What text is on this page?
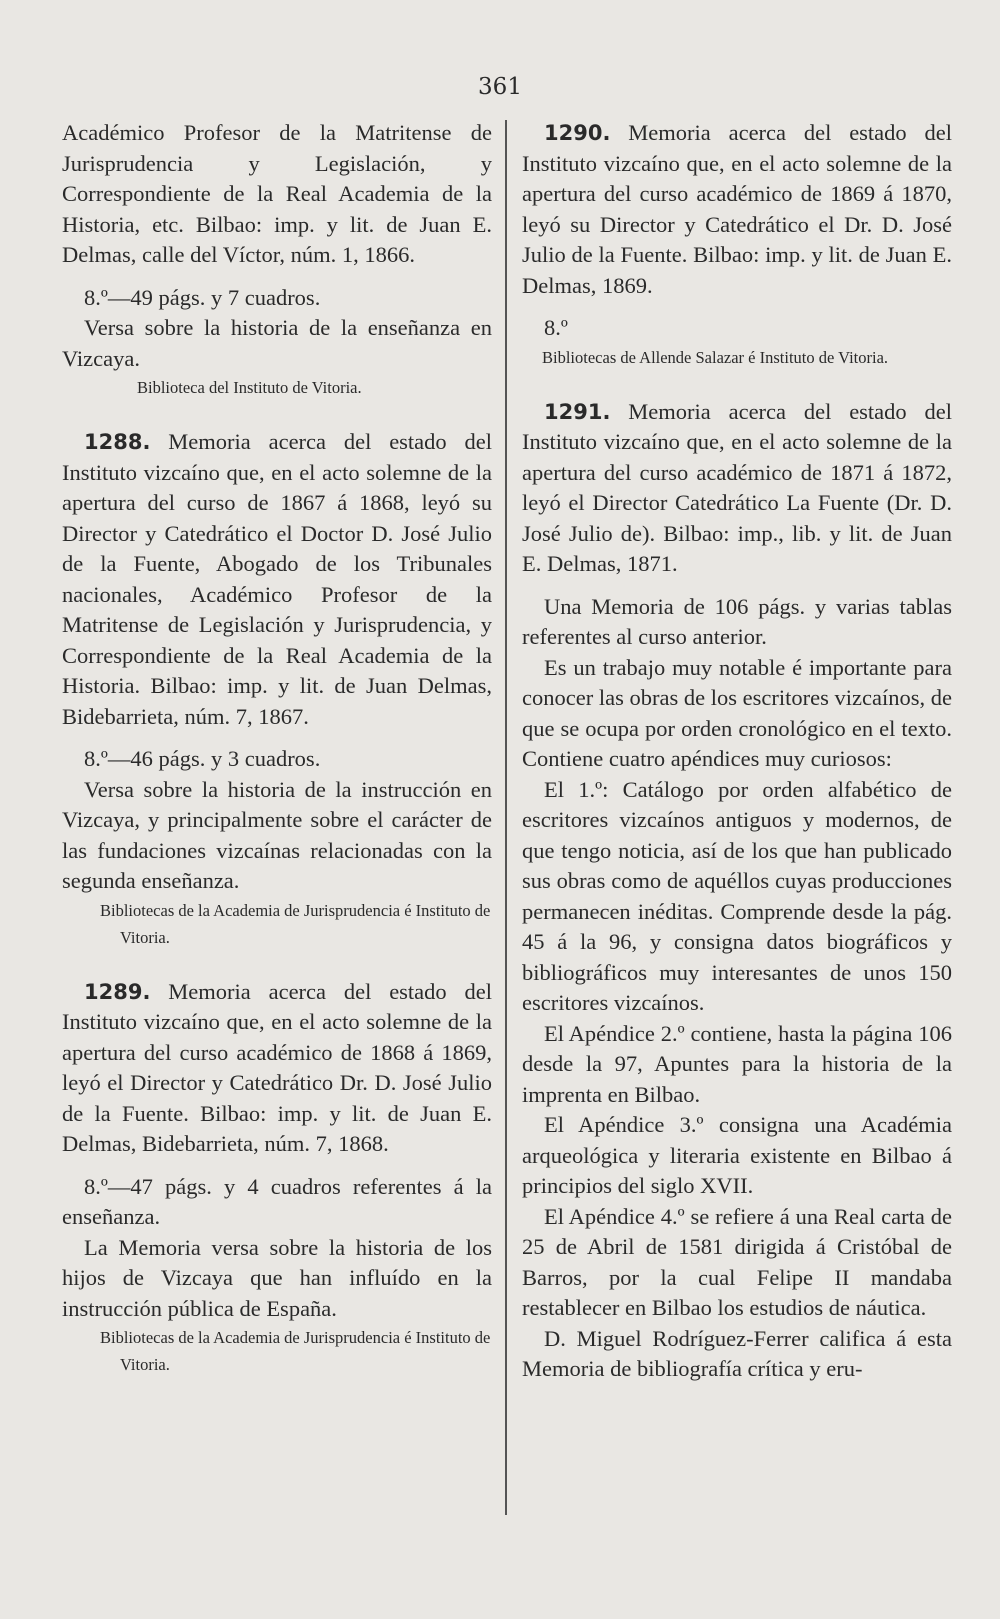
361

Académico Profesor de la Matritense de Jurisprudencia y Legislación, y Correspondiente de la Real Academia de la Historia, etc. Bilbao: imp. y lit. de Juan E. Delmas, calle del Víctor, núm. 1, 1866.

8.º—49 págs. y 7 cuadros.

Versa sobre la historia de la enseñanza en Vizcaya.

Biblioteca del Instituto de Vitoria.

1288. Memoria acerca del estado del Instituto vizcaíno que, en el acto solemne de la apertura del curso de 1867 á 1868, leyó su Director y Catedrático el Doctor D. José Julio de la Fuente, Abogado de los Tribunales nacionales, Académico Profesor de la Matritense de Legislación y Jurisprudencia, y Correspondiente de la Real Academia de la Historia. Bilbao: imp. y lit. de Juan Delmas, Bidebarrieta, núm. 7, 1867.

8.º—46 págs. y 3 cuadros.

Versa sobre la historia de la instrucción en Vizcaya, y principalmente sobre el carácter de las fundaciones vizcaínas relacionadas con la segunda enseñanza.

Bibliotecas de la Academia de Jurisprudencia é Instituto de Vitoria.

1289. Memoria acerca del estado del Instituto vizcaíno que, en el acto solemne de la apertura del curso académico de 1868 á 1869, leyó el Director y Catedrático Dr. D. José Julio de la Fuente. Bilbao: imp. y lit. de Juan E. Delmas, Bidebarrieta, núm. 7, 1868.

8.º—47 págs. y 4 cuadros referentes á la enseñanza.

La Memoria versa sobre la historia de los hijos de Vizcaya que han influído en la instrucción pública de España.

Bibliotecas de la Academia de Jurisprudencia é Instituto de Vitoria.

1290. Memoria acerca del estado del Instituto vizcaíno que, en el acto solemne de la apertura del curso académico de 1869 á 1870, leyó su Director y Catedrático el Dr. D. José Julio de la Fuente. Bilbao: imp. y lit. de Juan E. Delmas, 1869.

8.º

Bibliotecas de Allende Salazar é Instituto de Vitoria.

1291. Memoria acerca del estado del Instituto vizcaíno que, en el acto solemne de la apertura del curso académico de 1871 á 1872, leyó el Director Catedrático La Fuente (Dr. D. José Julio de). Bilbao: imp., lib. y lit. de Juan E. Delmas, 1871.

Una Memoria de 106 págs. y varias tablas referentes al curso anterior.

Es un trabajo muy notable é importante para conocer las obras de los escritores vizcaínos, de que se ocupa por orden cronológico en el texto. Contiene cuatro apéndices muy curiosos:

El 1.º: Catálogo por orden alfabético de escritores vizcaínos antiguos y modernos, de que tengo noticia, así de los que han publicado sus obras como de aquéllos cuyas producciones permanecen inéditas. Comprende desde la pág. 45 á la 96, y consigna datos biográficos y bibliográficos muy interesantes de unos 150 escritores vizcaínos.

El Apéndice 2.º contiene, hasta la página 106 desde la 97, Apuntes para la historia de la imprenta en Bilbao.

El Apéndice 3.º consigna una Académia arqueológica y literaria existente en Bilbao á principios del siglo XVII.

El Apéndice 4.º se refiere á una Real carta de 25 de Abril de 1581 dirigida á Cristóbal de Barros, por la cual Felipe II mandaba restablecer en Bilbao los estudios de náutica.

D. Miguel Rodríguez-Ferrer califica á esta Memoria de bibliografía crítica y eru-
